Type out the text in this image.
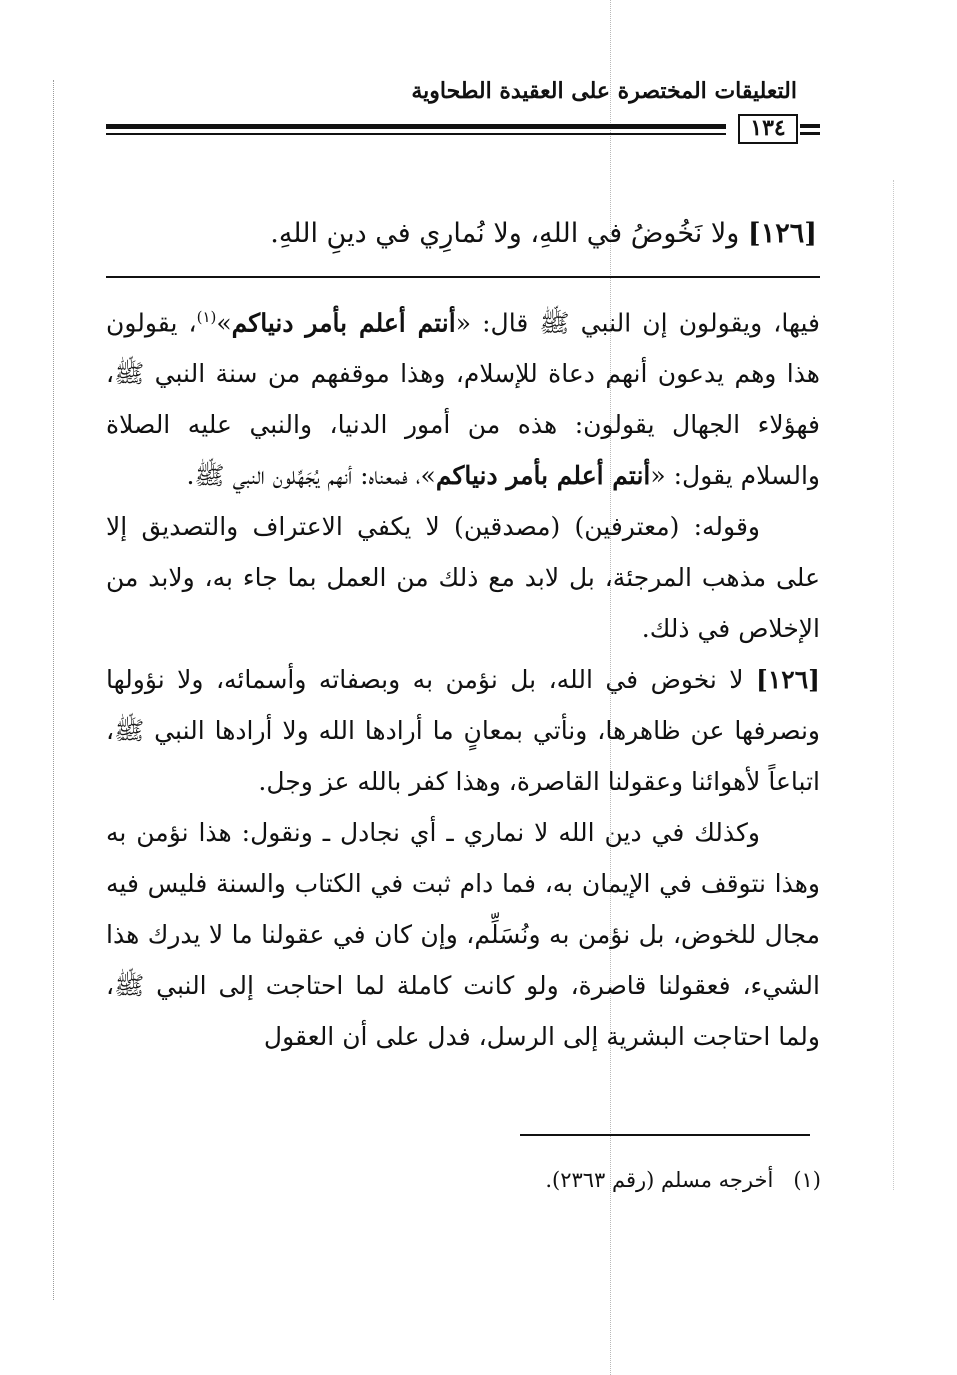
التعليقات المختصرة على العقيدة الطحاوية
١٣٤
[١٢٦] ولا نَخُوضُ في اللهِ، ولا نُمارِي في دينِ اللهِ.

فيها، ويقولون إن النبي ﷺ قال: «أنتم أعلم بأمر دنياكم»$^{(١)}$، يقولون هذا وهم يدعون أنهم دعاة للإسلام، وهذا موقفهم من سنة النبي ﷺ، فهؤلاء الجهال يقولون: هذه من أمور الدنيا، والنبي عليه الصلاة والسلام يقول: «أنتم أعلم بأمر دنياكم»، فمعناه: أنهم يُجَهِّلون النبي ﷺ.

وقوله: (معترفين) (مصدقين) لا يكفي الاعتراف والتصديق إلا على مذهب المرجئة، بل لابد مع ذلك من العمل بما جاء به، ولابد من الإخلاص في ذلك.

[١٢٦] لا نخوض في الله، بل نؤمن به وبصفاته وأسمائه، ولا نؤولها ونصرفها عن ظاهرها، ونأتي بمعانٍ ما أرادها الله ولا أرادها النبي ﷺ، اتباعاً لأهوائنا وعقولنا القاصرة، وهذا كفر بالله عز وجل.

وكذلك في دين الله لا نماري ـ أي نجادل ـ ونقول: هذا نؤمن به وهذا نتوقف في الإيمان به، فما دام ثبت في الكتاب والسنة فليس فيه مجال للخوض، بل نؤمن به ونُسَلِّم، وإن كان في عقولنا ما لا يدرك هذا الشيء، فعقولنا قاصرة، ولو كانت كاملة لما احتاجت إلى النبي ﷺ، ولما احتاجت البشرية إلى الرسل، فدل على أن العقول

(١)   أخرجه مسلم (رقم ٢٣٦٣).
